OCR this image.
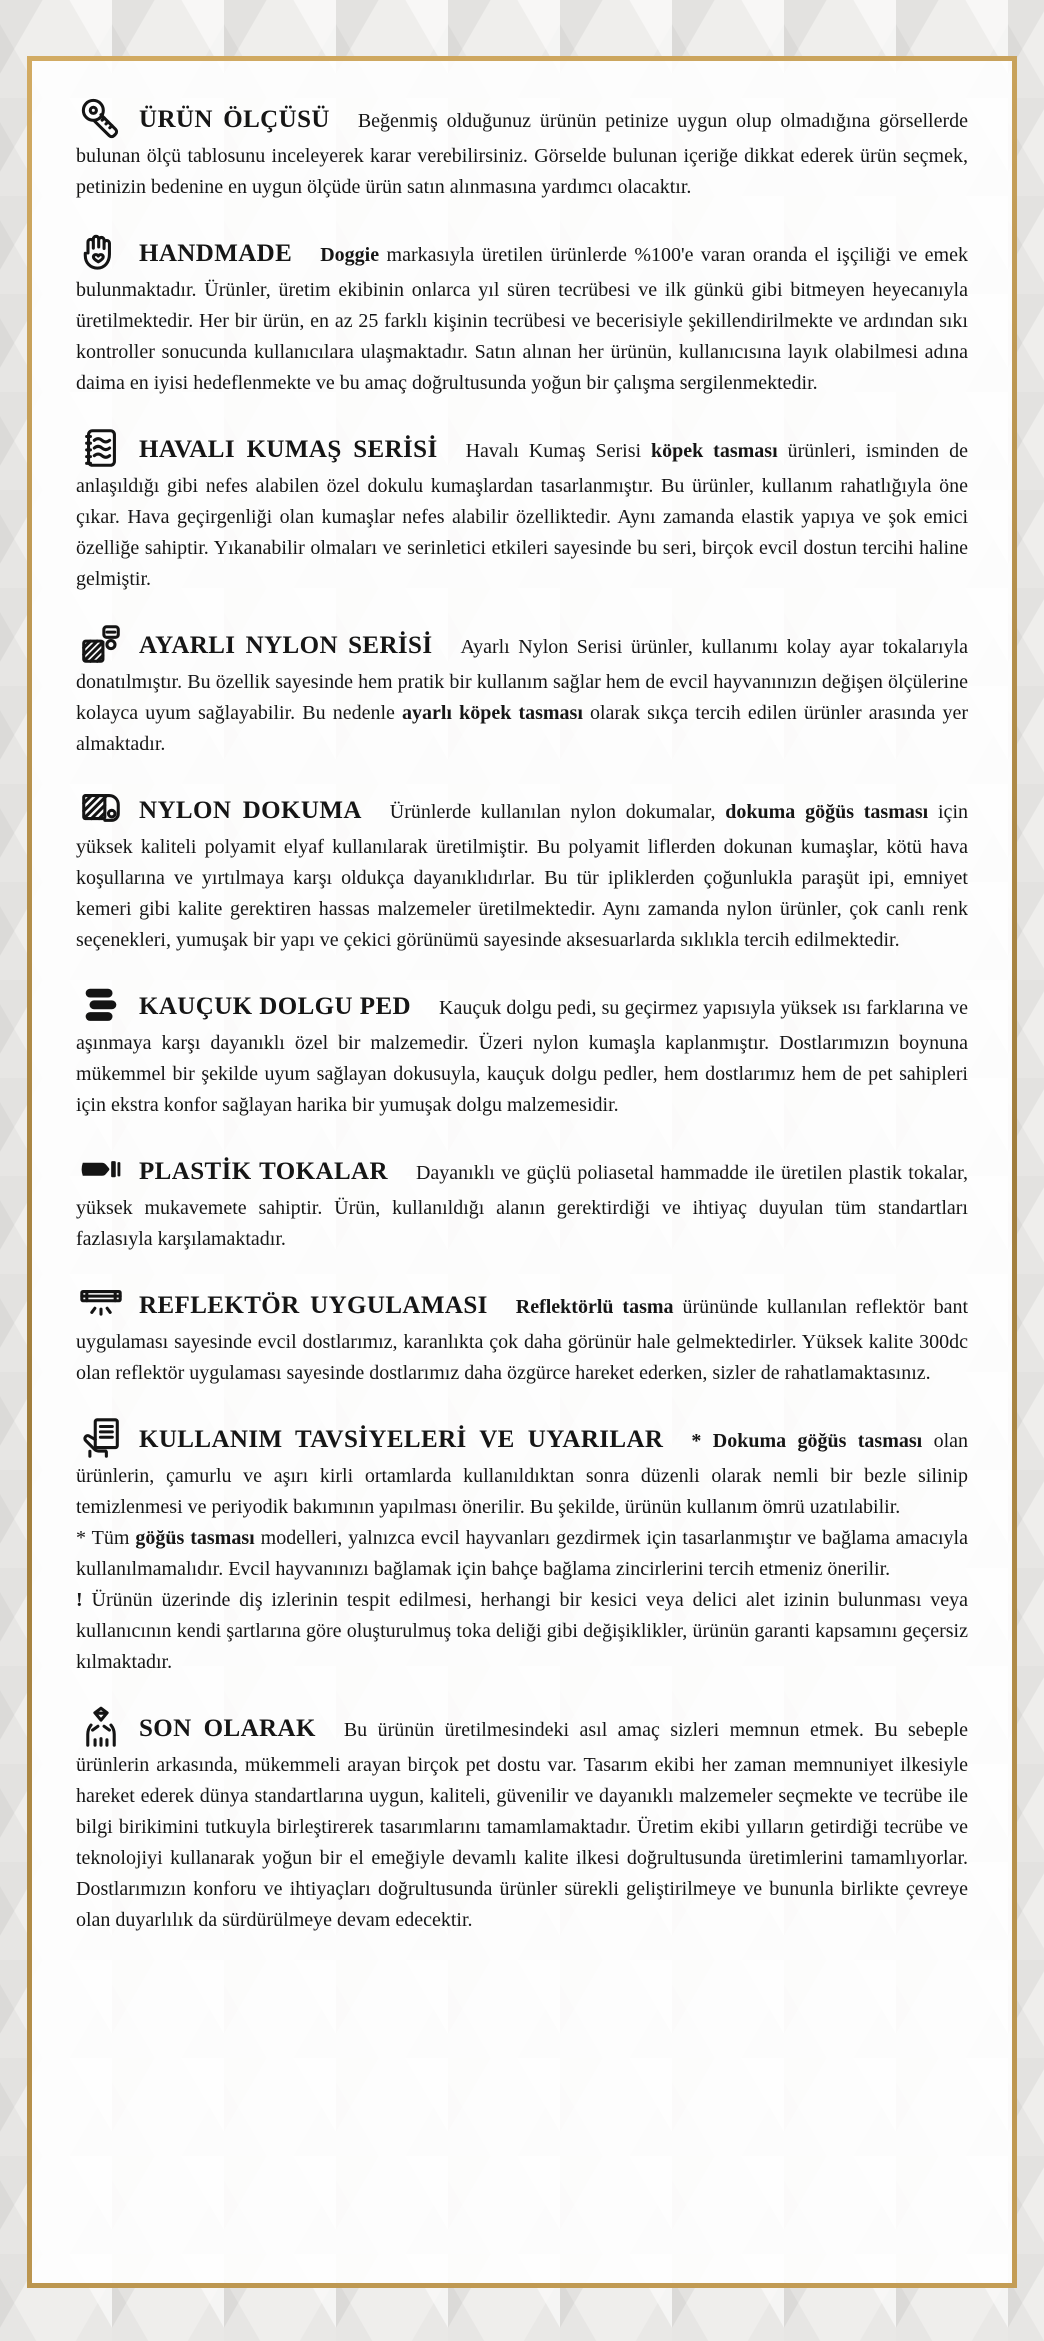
ÜRÜN ÖLÇÜSÜ Beğenmiş olduğunuz ürünün petinize uygun olup olmadığına görsellerde bulunan ölçü tablosunu inceleyerek karar verebilirsiniz. Görselde bulunan içeriğe dikkat ederek ürün seçmek, petinizin bedenine en uygun ölçüde ürün satın alınmasına yardımcı olacaktır.
HANDMADE Doggie markasıyla üretilen ürünlerde %100'e varan oranda el işçiliği ve emek bulunmaktadır. Ürünler, üretim ekibinin onlarca yıl süren tecrübesi ve ilk günkü gibi bitmeyen heyecanıyla üretilmektedir. Her bir ürün, en az 25 farklı kişinin tecrübesi ve becerisiyle şekillendirilmekte ve ardından sıkı kontroller sonucunda kullanıcılara ulaşmaktadır. Satın alınan her ürünün, kullanıcısına layık olabilmesi adına daima en iyisi hedeflenmekte ve bu amaç doğrultusunda yoğun bir çalışma sergilenmektedir.
HAVALI KUMAŞ SERİSİ Havalı Kumaş Serisi köpek tasması ürünleri, isminden de anlaşıldığı gibi nefes alabilen özel dokulu kumaşlardan tasarlanmıştır. Bu ürünler, kullanım rahatlığıyla öne çıkar. Hava geçirgenliği olan kumaşlar nefes alabilir özelliktedir. Aynı zamanda elastik yapıya ve şok emici özelliğe sahiptir. Yıkanabilir olmaları ve serinletici etkileri sayesinde bu seri, birçok evcil dostun tercihi haline gelmiştir.
AYARLI NYLON SERİSİ Ayarlı Nylon Serisi ürünler, kullanımı kolay ayar tokalarıyla donatılmıştır. Bu özellik sayesinde hem pratik bir kullanım sağlar hem de evcil hayvanınızın değişen ölçülerine kolayca uyum sağlayabilir. Bu nedenle ayarlı köpek tasması olarak sıkça tercih edilen ürünler arasında yer almaktadır.
NYLON DOKUMA Ürünlerde kullanılan nylon dokumalar, dokuma göğüs tasması için yüksek kaliteli polyamit elyaf kullanılarak üretilmiştir. Bu polyamit liflerden dokunan kumaşlar, kötü hava koşullarına ve yırtılmaya karşı oldukça dayanıklıdırlar. Bu tür ipliklerden çoğunlukla paraşüt ipi, emniyet kemeri gibi kalite gerektiren hassas malzemeler üretilmektedir. Aynı zamanda nylon ürünler, çok canlı renk seçenekleri, yumuşak bir yapı ve çekici görünümü sayesinde aksesuarlarda sıklıkla tercih edilmektedir.
KAUÇUK DOLGU PED Kauçuk dolgu pedi, su geçirmez yapısıyla yüksek ısı farklarına ve aşınmaya karşı dayanıklı özel bir malzemedir. Üzeri nylon kumaşla kaplanmıştır. Dostlarımızın boynuna mükemmel bir şekilde uyum sağlayan dokusuyla, kauçuk dolgu pedler, hem dostlarımız hem de pet sahipleri için ekstra konfor sağlayan harika bir yumuşak dolgu malzemesidir.
PLASTİK TOKALAR Dayanıklı ve güçlü poliasetal hammadde ile üretilen plastik tokalar, yüksek mukavemete sahiptir. Ürün, kullanıldığı alanın gerektirdiği ve ihtiyaç duyulan tüm standartları fazlasıyla karşılamaktadır.
REFLEKTÖR UYGULAMASI Reflektörlü tasma ürününde kullanılan reflektör bant uygulaması sayesinde evcil dostlarımız, karanlıkta çok daha görünür hale gelmektedirler. Yüksek kalite 300dc olan reflektör uygulaması sayesinde dostlarımız daha özgürce hareket ederken, sizler de rahatlamaktasınız.
KULLANIM TAVSİYELERİ VE UYARILAR * Dokuma göğüs tasması olan ürünlerin, çamurlu ve aşırı kirli ortamlarda kullanıldıktan sonra düzenli olarak nemli bir bezle silinip temizlenmesi ve periyodik bakımının yapılması önerilir. Bu şekilde, ürünün kullanım ömrü uzatılabilir.
* Tüm göğüs tasması modelleri, yalnızca evcil hayvanları gezdirmek için tasarlanmıştır ve bağlama amacıyla kullanılmamalıdır. Evcil hayvanınızı bağlamak için bahçe bağlama zincirlerini tercih etmeniz önerilir.
! Ürünün üzerinde diş izlerinin tespit edilmesi, herhangi bir kesici veya delici alet izinin bulunması veya kullanıcının kendi şartlarına göre oluşturulmuş toka deliği gibi değişiklikler, ürünün garanti kapsamını geçersiz kılmaktadır.
SON OLARAK Bu ürünün üretilmesindeki asıl amaç sizleri memnun etmek. Bu sebeple ürünlerin arkasında, mükemmeli arayan birçok pet dostu var. Tasarım ekibi her zaman memnuniyet ilkesiyle hareket ederek dünya standartlarına uygun, kaliteli, güvenilir ve dayanıklı malzemeler seçmekte ve tecrübe ile bilgi birikimini tutkuyla birleştirerek tasarımlarını tamamlamaktadır. Üretim ekibi yılların getirdiği tecrübe ve teknolojiyi kullanarak yoğun bir el emeğiyle devamlı kalite ilkesi doğrultusunda üretimlerini tamamlıyorlar. Dostlarımızın konforu ve ihtiyaçları doğrultusunda ürünler sürekli geliştirilmeye ve bununla birlikte çevreye olan duyarlılık da sürdürülmeye devam edecektir.
